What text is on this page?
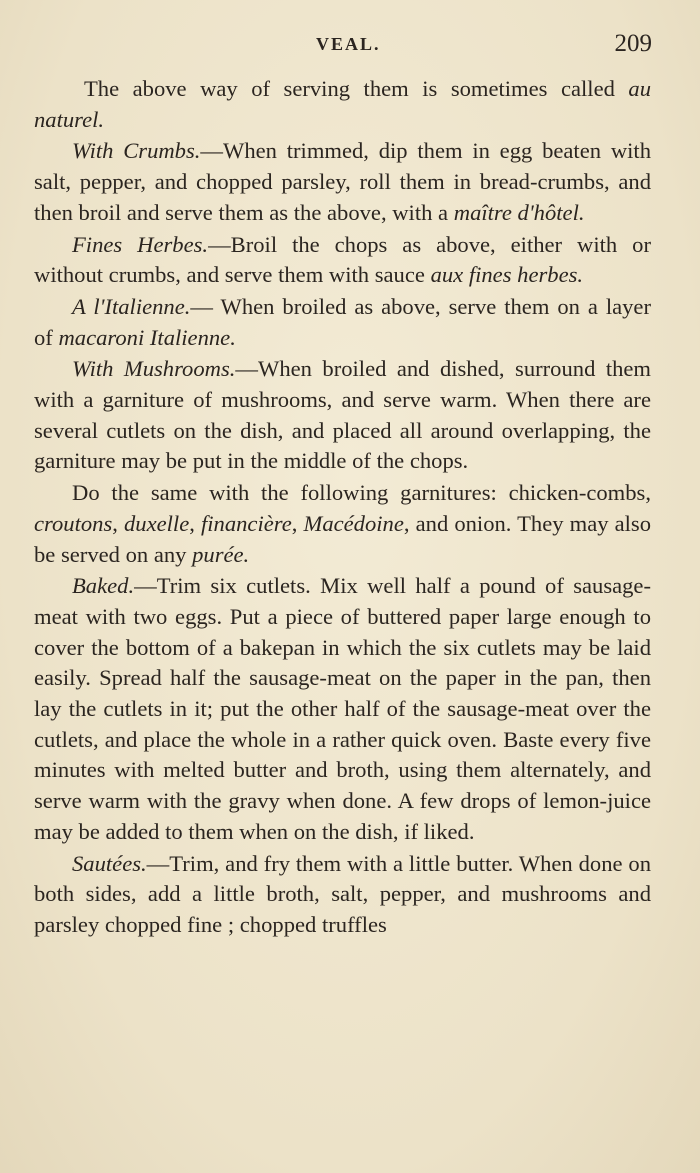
VEAL.	209

The above way of serving them is sometimes called au naturel.

With Crumbs.—When trimmed, dip them in egg beaten with salt, pepper, and chopped parsley, roll them in bread-crumbs, and then broil and serve them as the above, with a maître d'hôtel.

Fines Herbes.—Broil the chops as above, either with or without crumbs, and serve them with sauce aux fines herbes.

A l'Italienne.— When broiled as above, serve them on a layer of macaroni Italienne.

With Mushrooms.—When broiled and dished, surround them with a garniture of mushrooms, and serve warm. When there are several cutlets on the dish, and placed all around overlapping, the garniture may be put in the middle of the chops.

Do the same with the following garnitures: chicken-combs, croutons, duxelle, financière, Macédoine, and onion. They may also be served on any purée.

Baked.—Trim six cutlets. Mix well half a pound of sausage-meat with two eggs. Put a piece of buttered paper large enough to cover the bottom of a bakepan in which the six cutlets may be laid easily. Spread half the sausage-meat on the paper in the pan, then lay the cutlets in it; put the other half of the sausage-meat over the cutlets, and place the whole in a rather quick oven. Baste every five minutes with melted butter and broth, using them alternately, and serve warm with the gravy when done. A few drops of lemon-juice may be added to them when on the dish, if liked.

Sautées.—Trim, and fry them with a little butter. When done on both sides, add a little broth, salt, pepper, and mushrooms and parsley chopped fine ; chopped truffles
